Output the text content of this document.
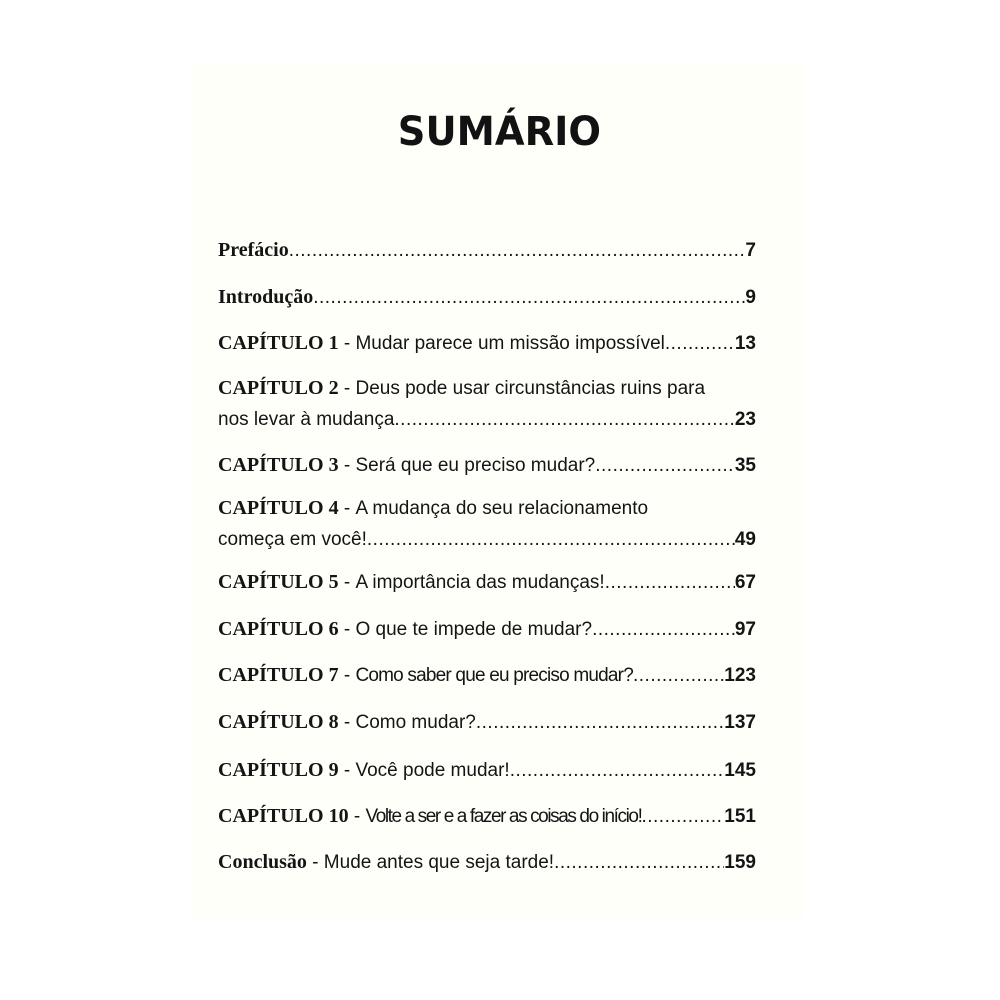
SUMÁRIO
Prefácio .....	7
Introdução .....	9
CAPÍTULO 1 - Mudar parece um missão impossível .....	13
CAPÍTULO 2 - Deus pode usar circunstâncias ruins para
nos levar à mudança .....	23
CAPÍTULO 3 - Será que eu preciso mudar? .....	35
CAPÍTULO 4 - A mudança do seu relacionamento
começa em você! .....	49
CAPÍTULO 5 - A importância das mudanças! .....	67
CAPÍTULO 6 - O que te impede de mudar? .....	97
CAPÍTULO 7 - Como saber que eu preciso mudar? .....	123
CAPÍTULO 8 - Como mudar? .....	137
CAPÍTULO 9 - Você pode mudar! .....	145
CAPÍTULO 10 - Volte a ser e a fazer as coisas do início! .....	151
Conclusão - Mude antes que seja tarde! .....	159
